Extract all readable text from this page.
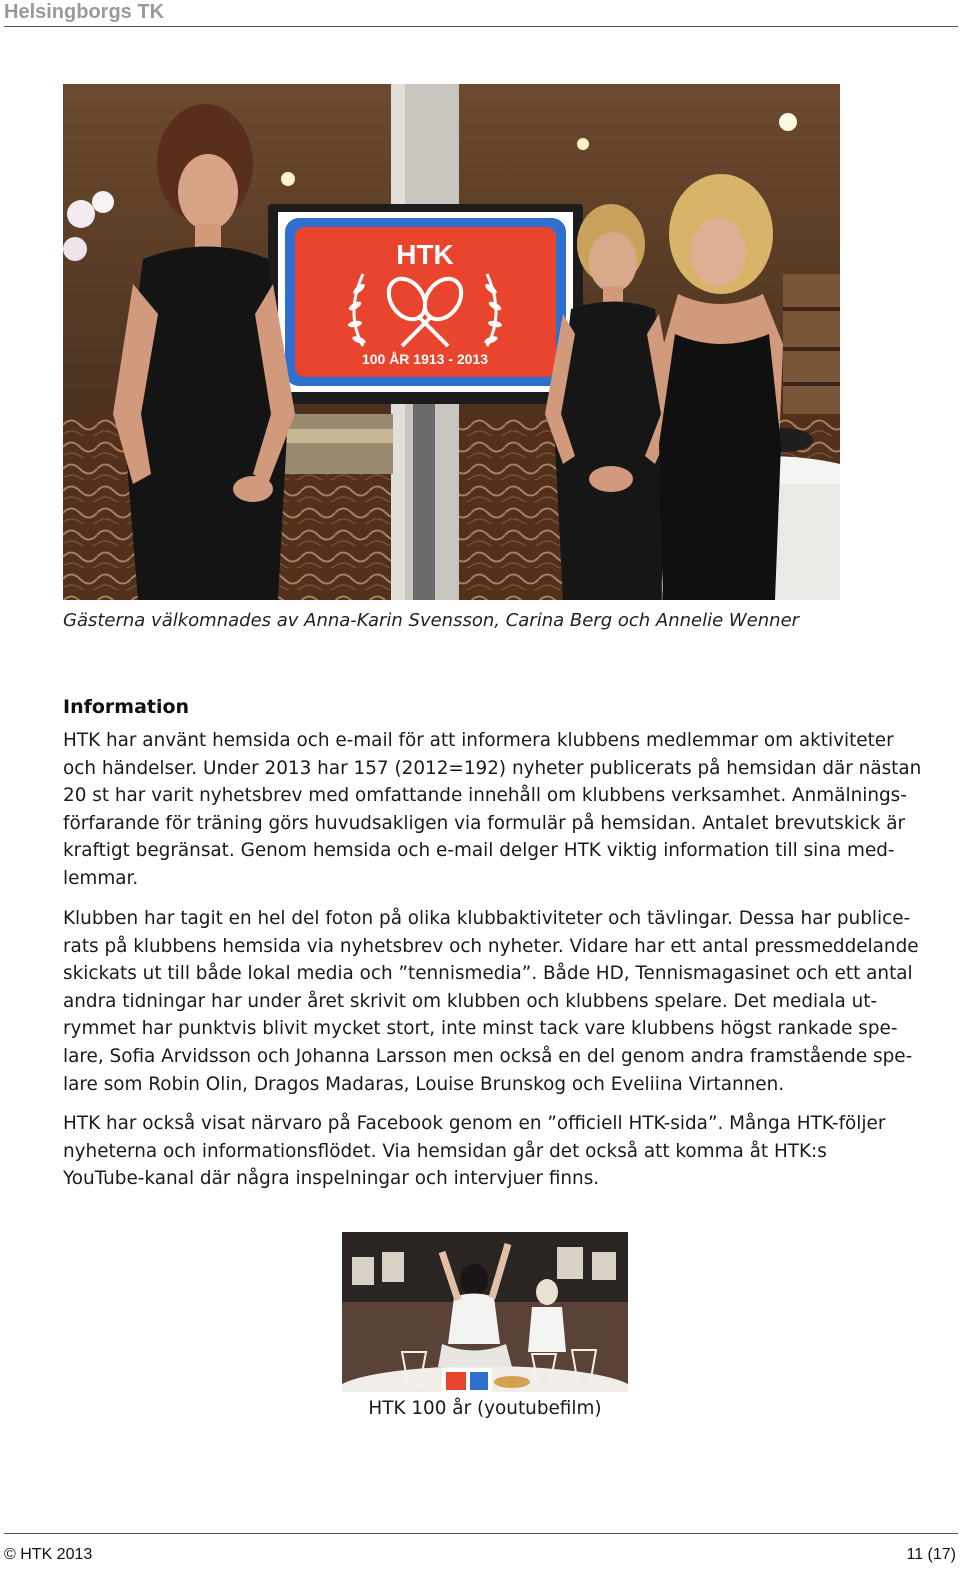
Helsingborgs TK
HTK
100 ÅR 1913 - 2013
Gästerna välkomnades av Anna-Karin Svensson, Carina Berg och Annelie Wenner
Information
HTK har använt hemsida och e-mail för att informera klubbens medlemmar om aktiviteter
och händelser. Under 2013 har 157 (2012=192) nyheter publicerats på hemsidan där nästan
20 st har varit nyhetsbrev med omfattande innehåll om klubbens verksamhet. Anmälnings-
förfarande för träning görs huvudsakligen via formulär på hemsidan. Antalet brevutskick är
kraftigt begränsat. Genom hemsida och e-mail delger HTK viktig information till sina med-
lemmar.
Klubben har tagit en hel del foton på olika klubbaktiviteter och tävlingar. Dessa har publice-
rats på klubbens hemsida via nyhetsbrev och nyheter. Vidare har ett antal pressmeddelande
skickats ut till både lokal media och ”tennismedia”. Både HD, Tennismagasinet och ett antal
andra tidningar har under året skrivit om klubben och klubbens spelare. Det mediala ut-
rymmet har punktvis blivit mycket stort, inte minst tack vare klubbens högst rankade spe-
lare, Sofia Arvidsson och Johanna Larsson men också en del genom andra framstående spe-
lare som Robin Olin, Dragos Madaras, Louise Brunskog och Eveliina Virtannen.
HTK har också visat närvaro på Facebook genom en ”officiell HTK-sida”. Många HTK-följer
nyheterna och informationsflödet. Via hemsidan går det också att komma åt HTK:s
YouTube-kanal där några inspelningar och intervjuer finns.
HTK 100 år (youtubefilm)
© HTK 2013	11 (17)
